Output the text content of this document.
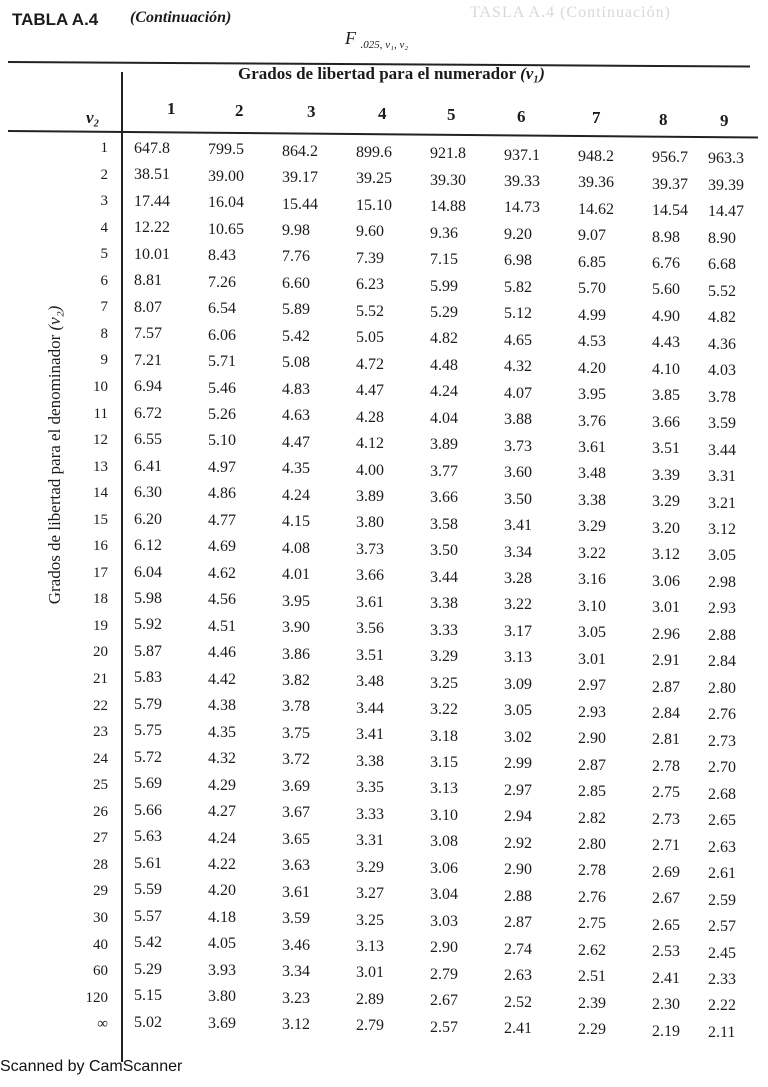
TASLA A.4 (Continuación)
TABLA A.4 (Continuación)
F $_{.025, v_1, v_2}$
Grados de libertad para el numerador (v₁)
v₂
Grados de libertad para el denominador (v₂)
1	2	3	4	5	6	7	8	9
1 647.8 799.5 864.2 899.6 921.8 937.1 948.2 956.7 963.3
2 38.51 39.00 39.17 39.25 39.30 39.33 39.36 39.37 39.39
3 17.44 16.04 15.44 15.10 14.88 14.73 14.62 14.54 14.47
4 12.22 10.65 9.98	9.60	9.36	9.20	9.07	8.98 8.90
5 10.01 8.43	7.76	7.39	7.15	6.98	6.85	6.76 6.68
6 8.81	7.26	6.60	6.23	5.99	5.82	5.70	5.60 5.52
7 8.07	6.54	5.89	5.52	5.29	5.12	4.99	4.90 4.82
8 7.57	6.06	5.42	5.05	4.82	4.65	4.53	4.43 4.36
9 7.21	5.71	5.08	4.72	4.48	4.32	4.20	4.10 4.03
10 6.94	5.46	4.83	4.47	4.24	4.07	3.95	3.85 3.78
11 6.72	5.26	4.63	4.28	4.04	3.88	3.76	3.66 3.59
12 6.55	5.10	4.47	4.12	3.89	3.73	3.61	3.51 3.44
13 6.41	4.97	4.35	4.00	3.77	3.60	3.48	3.39 3.31
14 6.30	4.86	4.24	3.89	3.66	3.50	3.38	3.29 3.21
15 6.20	4.77	4.15	3.80	3.58	3.41	3.29	3.20 3.12
16 6.12	4.69	4.08	3.73	3.50	3.34	3.22	3.12 3.05
17 6.04	4.62	4.01	3.66	3.44	3.28	3.16	3.06 2.98
18 5.98	4.56	3.95	3.61	3.38	3.22	3.10	3.01 2.93
19 5.92	4.51	3.90	3.56	3.33	3.17	3.05	2.96 2.88
20 5.87	4.46	3.86	3.51	3.29	3.13	3.01	2.91 2.84
21 5.83	4.42	3.82	3.48	3.25	3.09	2.97	2.87 2.80
22 5.79	4.38	3.78	3.44	3.22	3.05	2.93	2.84 2.76
23 5.75	4.35	3.75	3.41	3.18	3.02	2.90	2.81 2.73
24 5.72	4.32	3.72	3.38	3.15	2.99	2.87	2.78 2.70
25 5.69	4.29	3.69	3.35	3.13	2.97	2.85	2.75 2.68
26 5.66	4.27	3.67	3.33	3.10	2.94	2.82	2.73 2.65
27 5.63	4.24	3.65	3.31	3.08	2.92	2.80	2.71 2.63
28 5.61	4.22	3.63	3.29	3.06	2.90	2.78	2.69 2.61
29 5.59	4.20	3.61	3.27	3.04	2.88	2.76	2.67 2.59
30 5.57	4.18	3.59	3.25	3.03	2.87	2.75	2.65 2.57
40 5.42	4.05	3.46	3.13	2.90	2.74	2.62	2.53 2.45
60 5.29	3.93	3.34	3.01	2.79	2.63	2.51	2.41 2.33
120 5.15	3.80	3.23	2.89	2.67	2.52	2.39	2.30 2.22
∞ 5.02	3.69	3.12	2.79	2.57	2.41	2.29	2.19 2.11
Scanned by CamScanner
